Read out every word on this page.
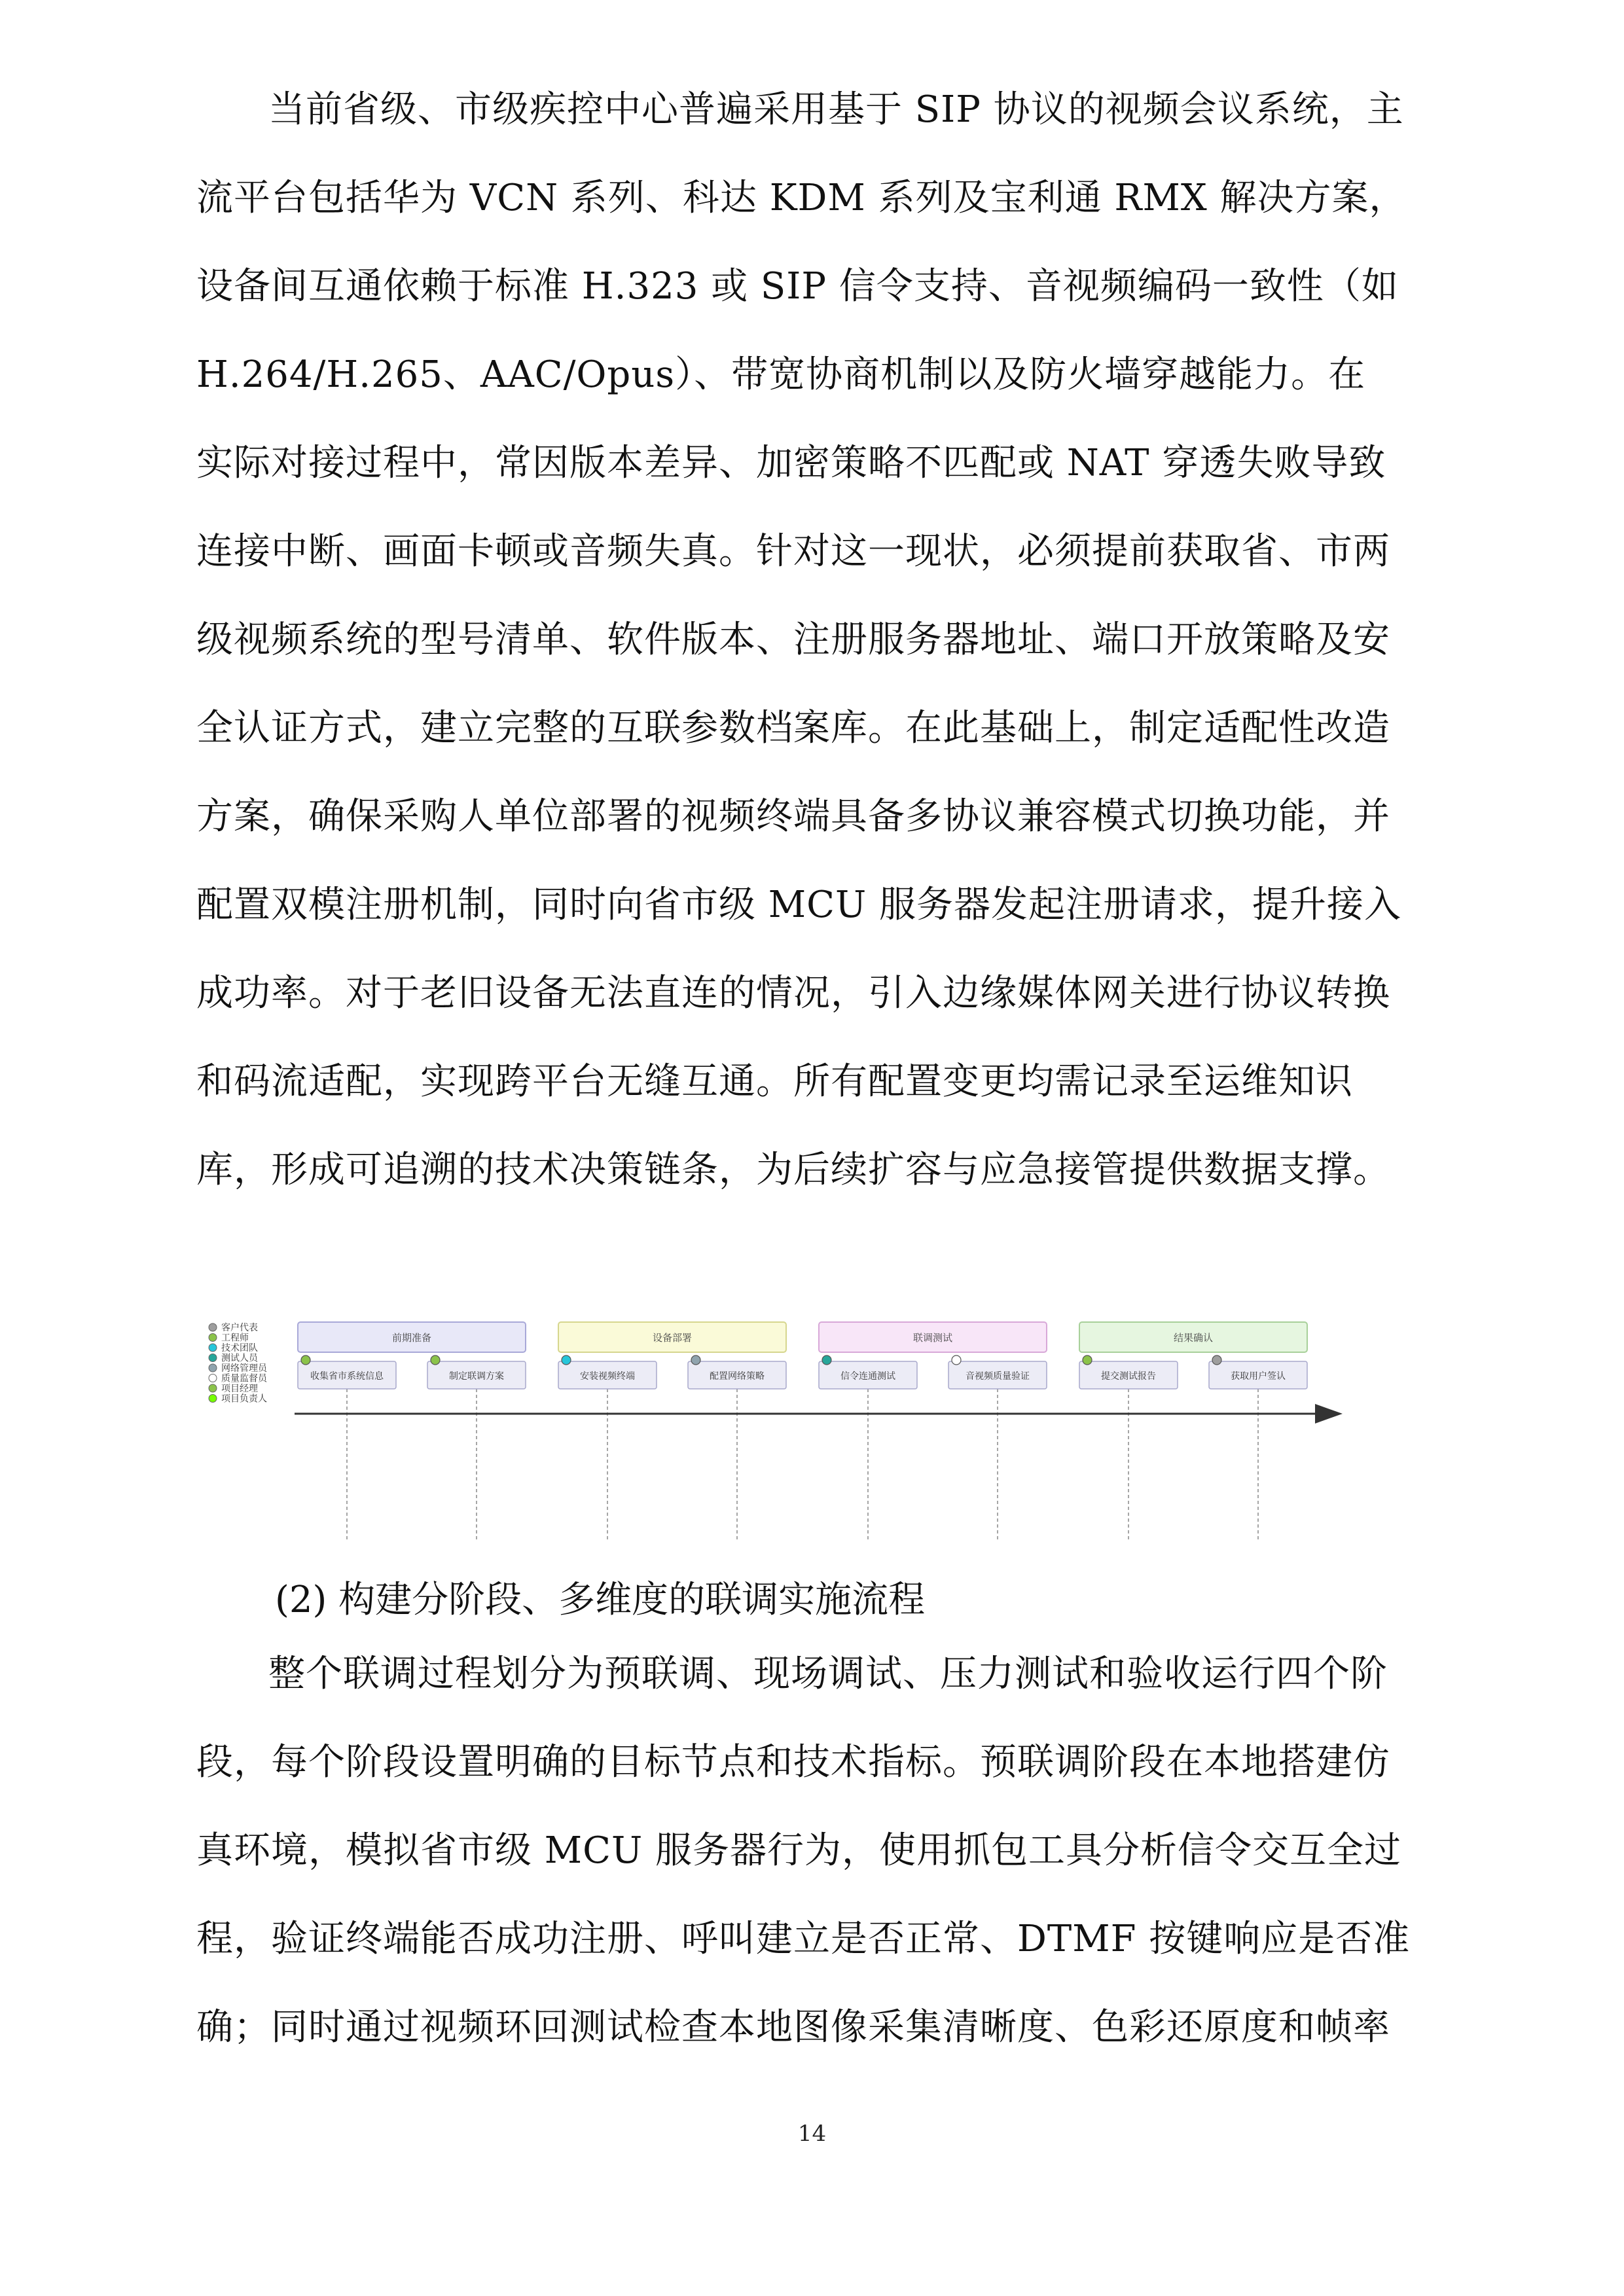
当前省级、市级疾控中心普遍采用基于 SIP 协议的视频会议系统，主
流平台包括华为 VCN 系列、科达 KDM 系列及宝利通 RMX 解决方案，
设备间互通依赖于标准 H.323 或 SIP 信令支持、音视频编码一致性（如
H.264/H.265、AAC/Opus）、带宽协商机制以及防火墙穿越能力。在
实际对接过程中，常因版本差异、加密策略不匹配或 NAT 穿透失败导致
连接中断、画面卡顿或音频失真。针对这一现状，必须提前获取省、市两
级视频系统的型号清单、软件版本、注册服务器地址、端口开放策略及安
全认证方式，建立完整的互联参数档案库。在此基础上，制定适配性改造
方案，确保采购人单位部署的视频终端具备多协议兼容模式切换功能，并
配置双模注册机制，同时向省市级 MCU 服务器发起注册请求，提升接入
成功率。对于老旧设备无法直连的情况，引入边缘媒体网关进行协议转换
和码流适配，实现跨平台无缝互通。所有配置变更均需记录至运维知识
库，形成可追溯的技术决策链条，为后续扩容与应急接管提供数据支撑。
客户代表
工程师
技术团队
测试人员
网络管理员
质量监督员
项目经理
项目负责人
前期准备	设备部署	联调测试	结果确认
收集省市系统信息	制定联调方案	安装视频终端	配置网络策略	信令连通测试	音视频质量验证	提交测试报告	获取用户签认

(2) 构建分阶段、多维度的联调实施流程

整个联调过程划分为预联调、现场调试、压力测试和验收运行四个阶
段，每个阶段设置明确的目标节点和技术指标。预联调阶段在本地搭建仿
真环境，模拟省市级 MCU 服务器行为，使用抓包工具分析信令交互全过
程，验证终端能否成功注册、呼叫建立是否正常、DTMF 按键响应是否准
确；同时通过视频环回测试检查本地图像采集清晰度、色彩还原度和帧率
14
